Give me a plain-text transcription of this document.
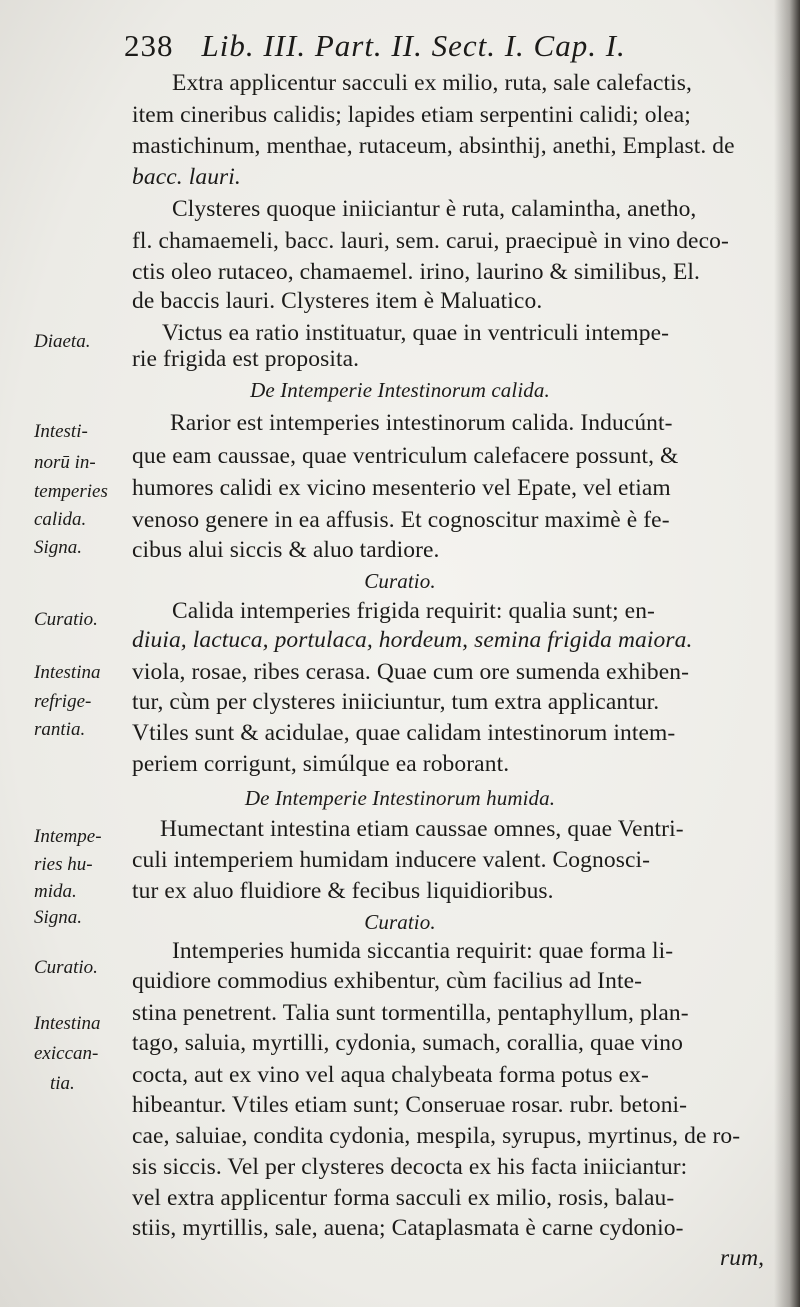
238 Lib. III. Part. II. Sect. I. Cap. I.
Extra applicentur sacculi ex milio, ruta, sale calefactis,
item cineribus calidis; lapides etiam serpentini calidi; olea;
mastichinum, menthae, rutaceum, absinthij, anethi, Emplast. de
bacc. lauri.
Clysteres quoque iniiciantur è ruta, calamintha, anetho,
fl. chamaemeli, bacc. lauri, sem. carui, praecipuè in vino deco-
ctis oleo rutaceo, chamaemel. irino, laurino & similibus, El.
de baccis lauri. Clysteres item è Maluatico.
Victus ea ratio instituatur, quae in ventriculi intempe-
rie frigida est proposita.
De Intemperie Intestinorum calida.
Rarior est intemperies intestinorum calida. Inducúnt-
que eam caussae, quae ventriculum calefacere possunt, &
humores calidi ex vicino mesenterio vel Epate, vel etiam
venoso genere in ea affusis. Et cognoscitur maximè è fe-
cibus alui siccis & aluo tardiore.
Curatio.
Calida intemperies frigida requirit: qualia sunt; en-
diuia, lactuca, portulaca, hordeum, semina frigida maiora.
viola, rosae, ribes cerasa. Quae cum ore sumenda exhiben-
tur, cùm per clysteres iniiciuntur, tum extra applicantur.
Vtiles sunt & acidulae, quae calidam intestinorum intem-
periem corrigunt, simúlque ea roborant.
De Intemperie Intestinorum humida.
Humectant intestina etiam caussae omnes, quae Ventri-
culi intemperiem humidam inducere valent. Cognosci-
tur ex aluo fluidiore & fecibus liquidioribus.
Curatio.
Intemperies humida siccantia requirit: quae forma li-
quidiore commodius exhibentur, cùm facilius ad Inte-
stina penetrent. Talia sunt tormentilla, pentaphyllum, plan-
tago, saluia, myrtilli, cydonia, sumach, corallia, quae vino
cocta, aut ex vino vel aqua chalybeata forma potus ex-
hibeantur. Vtiles etiam sunt; Conseruae rosar. rubr. betoni-
cae, saluiae, condita cydonia, mespila, syrupus, myrtinus, de ro-
sis siccis. Vel per clysteres decocta ex his facta iniiciantur:
vel extra applicentur forma sacculi ex milio, rosis, balau-
stiis, myrtillis, sale, auena; Cataplasmata è carne cydonio-
rum,
Diaeta.
Intesti-
norū in-
temperies
calida.
Signa.
Curatio.
Intestina
refrige-
rantia.
Intempe-
ries hu-
mida.
Signa.
Curatio.
Intestina
exiccan-
tia.
